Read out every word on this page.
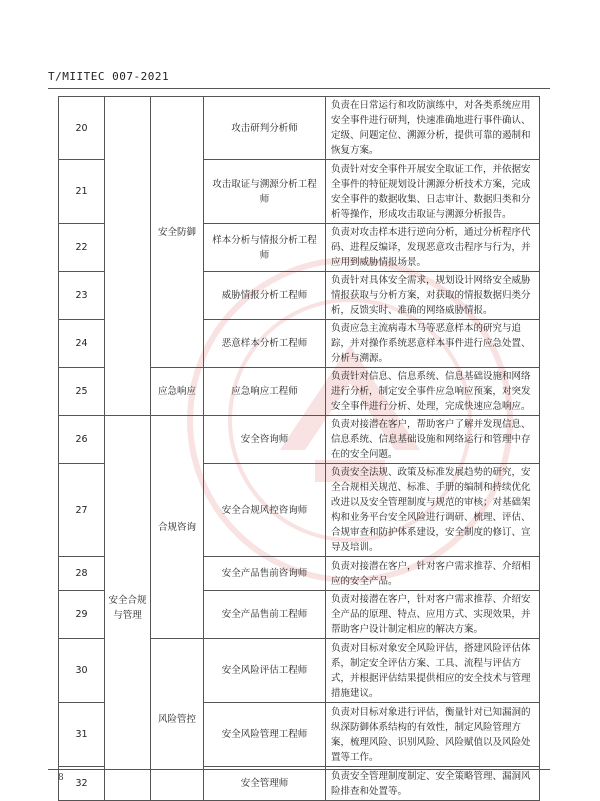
T/MIITEC 007-2021
20		安全防御	攻击研判分析师	负责在日常运行和攻防演练中，对各类系统应用安全事件进行研判，快速准确地进行事件确认、定级、问题定位、溯源分析，提供可靠的遏制和恢复方案。
21			攻击取证与溯源分析工程师	负责针对安全事件开展安全取证工作，并依据安全事件的特征规划设计溯源分析技术方案，完成安全事件的数据收集、日志审计、数据归类和分析等操作，形成攻击取证与溯源分析报告。
22			样本分析与情报分析工程师	负责对攻击样本进行逆向分析，通过分析程序代码、进程反编译，发现恶意攻击程序与行为，并应用到威胁情报场景。
23			威胁情报分析工程师	负责针对具体安全需求，规划设计网络安全威胁情报获取与分析方案，对获取的情报数据归类分析，反馈实时、准确的网络威胁情报。
24			恶意样本分析工程师	负责应急主流病毒木马等恶意样本的研究与追踪，并对操作系统恶意样本事件进行应急处置、分析与溯源。
25		应急响应	应急响应工程师	负责针对信息、信息系统、信息基础设施和网络进行分析，制定安全事件应急响应预案，对突发安全事件进行分析、处理，完成快速应急响应。
26	安全合规与管理	合规咨询	安全咨询师	负责对接潜在客户，帮助客户了解并发现信息、信息系统、信息基础设施和网络运行和管理中存在的安全问题。
27			安全合规风控咨询师	负责安全法规、政策及标准发展趋势的研究，安全合规相关规范、标准、手册的编制和持续优化改进以及安全管理制度与规范的审核；对基础架构和业务平台安全风险进行调研、梳理、评估、合规审查和防护体系建设，安全制度的修订、宣导及培训。
28			安全产品售前咨询师	负责对接潜在客户，针对客户需求推荐、介绍相应的安全产品。
29			安全产品售前工程师	负责对接潜在客户，针对客户需求推荐、介绍安全产品的原理、特点、应用方式、实现效果，并帮助客户设计制定相应的解决方案。
30		风险管控	安全风险评估工程师	负责对目标对象安全风险评估，搭建风险评估体系，制定安全评估方案、工具、流程与评估方式，并根据评估结果提供相应的安全技术与管理措施建议。
31			安全风险管理工程师	负责对目标对象进行评估，衡量针对已知漏洞的纵深防御体系结构的有效性，制定风险管理方案，梳理风险、识别风险、风险赋值以及风险处置等工作。
32			安全管理师	负责安全管理制度制定、安全策略管理、漏洞风险排查和处置等。
8
